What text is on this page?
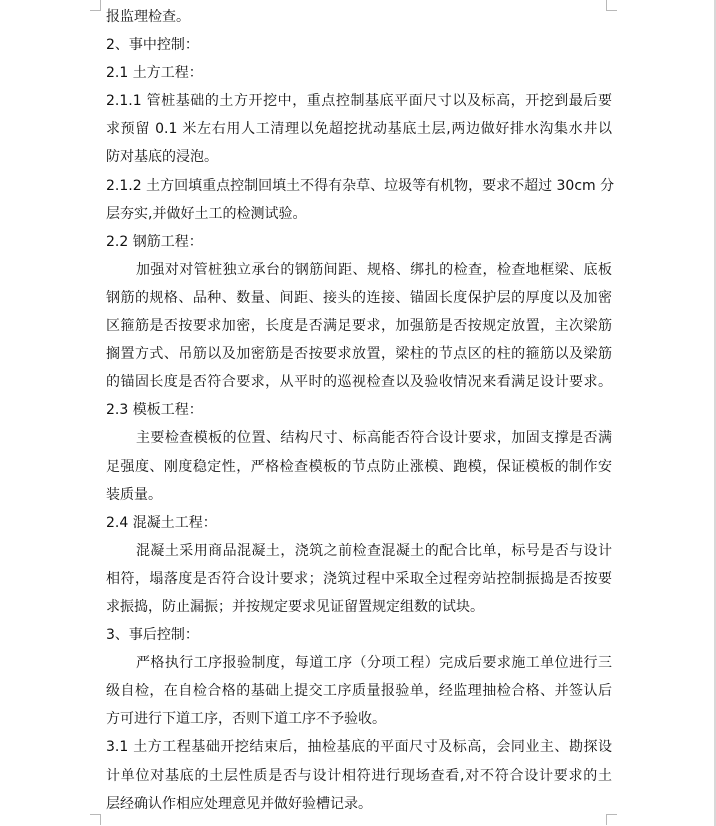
报监理检查。
2、事中控制：
2.1 土方工程：
2.1.1 管桩基础的土方开挖中，重点控制基底平面尺寸以及标高，开挖到最后要
求预留 0.1 米左右用人工清理以免超挖扰动基底土层,两边做好排水沟集水井以
防对基底的浸泡。
2.1.2 土方回填重点控制回填土不得有杂草、垃圾等有机物，要求不超过 30cm 分
层夯实,并做好土工的检测试验。
2.2 钢筋工程：
加强对对管桩独立承台的钢筋间距、规格、绑扎的检查，检查地框梁、底板
钢筋的规格、品种、数量、间距、接头的连接、锚固长度保护层的厚度以及加密
区箍筋是否按要求加密，长度是否满足要求，加强筋是否按规定放置，主次梁筋
搁置方式、吊筋以及加密筋是否按要求放置，梁柱的节点区的柱的箍筋以及梁筋
的锚固长度是否符合要求，从平时的巡视检查以及验收情况来看满足设计要求。
2.3 模板工程：
主要检查模板的位置、结构尺寸、标高能否符合设计要求，加固支撑是否满
足强度、刚度稳定性，严格检查模板的节点防止涨模、跑模，保证模板的制作安
装质量。
2.4 混凝土工程：
混凝土采用商品混凝土，浇筑之前检查混凝土的配合比单，标号是否与设计
相符，塌落度是否符合设计要求；浇筑过程中采取全过程旁站控制振捣是否按要
求振捣，防止漏振；并按规定要求见证留置规定组数的试块。
3、事后控制：
严格执行工序报验制度，每道工序（分项工程）完成后要求施工单位进行三
级自检，在自检合格的基础上提交工序质量报验单，经监理抽检合格、并签认后
方可进行下道工序，否则下道工序不予验收。
3.1 土方工程基础开挖结束后，抽检基底的平面尺寸及标高，会同业主、勘探设
计单位对基底的土层性质是否与设计相符进行现场查看,对不符合设计要求的土
层经确认作相应处理意见并做好验槽记录。
